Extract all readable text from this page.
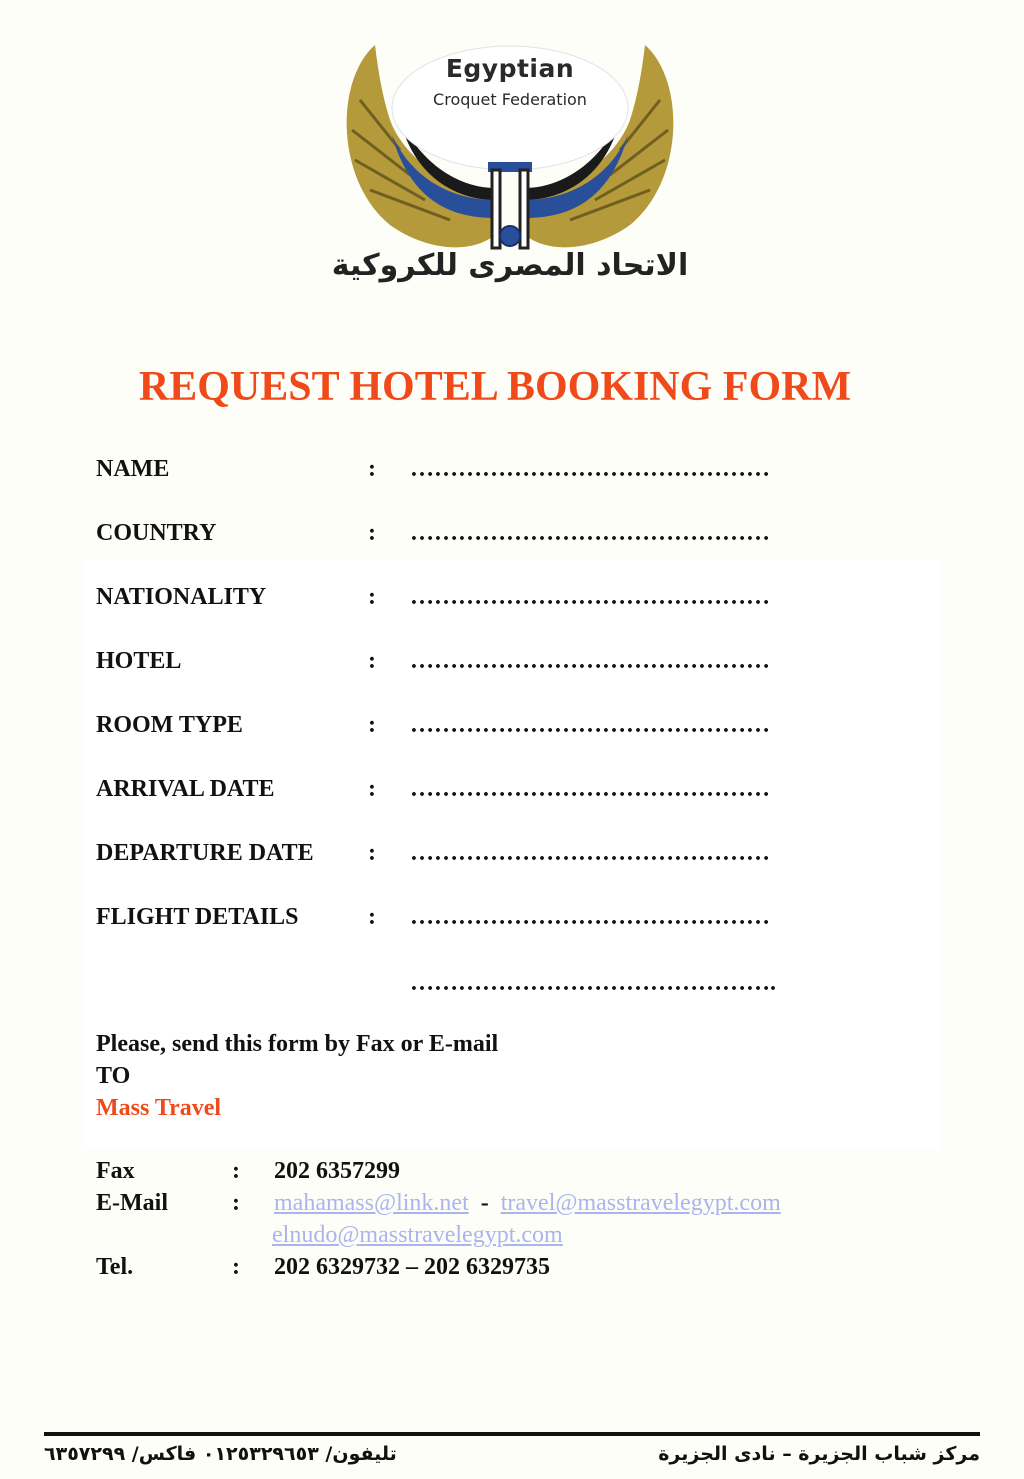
Egyptian
Croquet Federation
الاتحاد المصرى للكروكية
REQUEST HOTEL BOOKING FORM
NAME	: ………………………………………
COUNTRY	: ………………………………………
NATIONALITY	: ………………………………………
HOTEL	: ………………………………………
ROOM TYPE	: ………………………………………
ARRIVAL DATE	: ………………………………………
DEPARTURE DATE : ………………………………………
FLIGHT DETAILS	: ………………………………………
……………………………………….
Please, send this form by Fax or E-mail
TO
Mass Travel
Fax	: 202 6357299
E-Mail	: mahamass@link.net - travel@masstravelegypt.com
elnudo@masstravelegypt.com
Tel.	: 202 6329732 – 202 6329735
تليفون/ ٠١٢٥٣٢٩٦٥٣ فاكس/ ٦٣٥٧٢٩٩	مركز شباب الجزيرة – نادى الجزيرة
